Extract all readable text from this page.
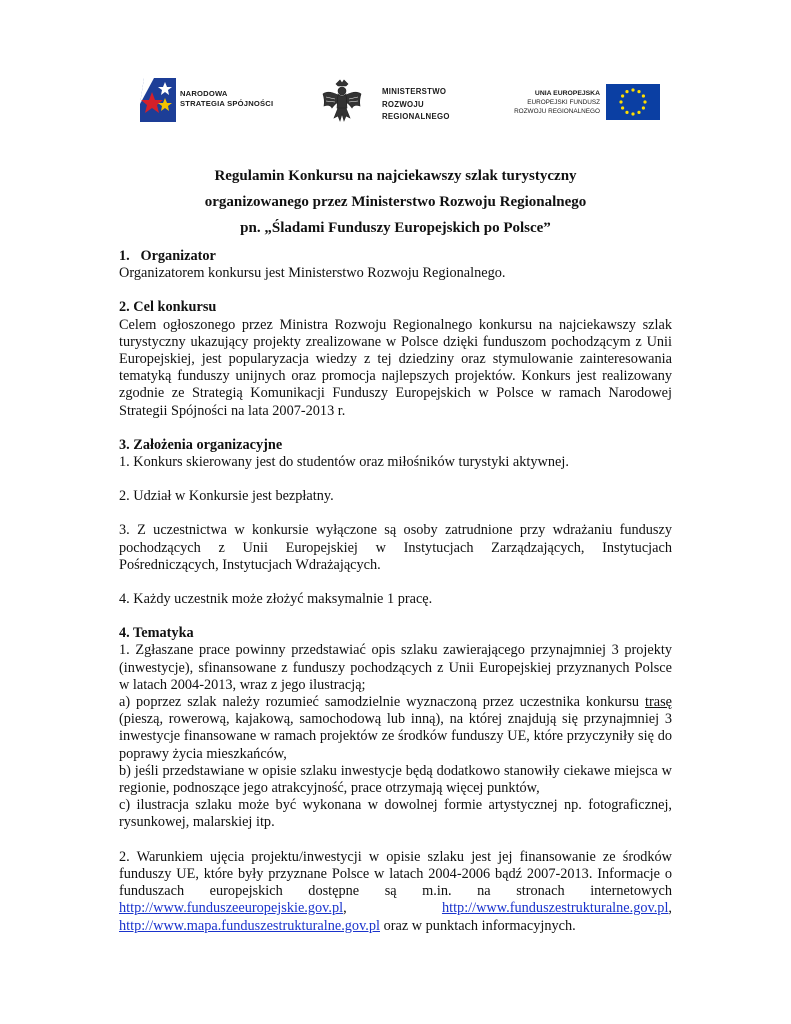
NARODOWA
STRATEGIA SPÓJNOŚCI
MINISTERSTWO
ROZWOJU
REGIONALNEGO
UNIA EUROPEJSKA
EUROPEJSKI FUNDUSZ
ROZWOJU REGIONALNEGO
Regulamin Konkursu na najciekawszy szlak turystyczny
organizowanego przez Ministerstwo Rozwoju Regionalnego
pn. „Śladami Funduszy Europejskich po Polsce”
1.   Organizator

Organizatorem konkursu jest Ministerstwo Rozwoju Regionalnego.

2. Cel konkursu

Celem ogłoszonego przez Ministra Rozwoju Regionalnego konkursu na najciekawszy szlak turystyczny ukazujący projekty zrealizowane w Polsce dzięki funduszom pochodzącym z Unii Europejskiej, jest popularyzacja wiedzy z tej dziedziny oraz stymulowanie zainteresowania tematyką funduszy unijnych oraz promocja najlepszych projektów. Konkurs jest realizowany zgodnie ze Strategią Komunikacji Funduszy Europejskich w Polsce w ramach Narodowej Strategii Spójności na lata 2007-2013 r.

3. Założenia organizacyjne

1. Konkurs skierowany jest do studentów oraz miłośników turystyki aktywnej.

2. Udział w Konkursie jest bezpłatny.

3. Z uczestnictwa w konkursie wyłączone są osoby zatrudnione przy wdrażaniu funduszy pochodzących z Unii Europejskiej w Instytucjach Zarządzających, Instytucjach Pośredniczących, Instytucjach Wdrażających.

4. Każdy uczestnik może złożyć maksymalnie 1 pracę.

4. Tematyka

1. Zgłaszane prace powinny przedstawiać opis szlaku zawierającego przynajmniej 3 projekty (inwestycje), sfinansowane z funduszy pochodzących z Unii Europejskiej przyznanych Polsce w latach 2004-2013, wraz z jego ilustracją;

a) poprzez szlak należy rozumieć samodzielnie wyznaczoną przez uczestnika konkursu trasę (pieszą, rowerową, kajakową, samochodową lub inną), na której znajdują się przynajmniej 3 inwestycje finansowane w ramach projektów ze środków funduszy UE, które przyczyniły się do poprawy życia mieszkańców,

b) jeśli przedstawiane w opisie szlaku inwestycje będą dodatkowo stanowiły ciekawe miejsca w regionie, podnoszące jego atrakcyjność, prace otrzymają więcej punktów,

c) ilustracja szlaku może być wykonana w dowolnej formie artystycznej np. fotograficznej, rysunkowej, malarskiej itp.

2. Warunkiem ujęcia projektu/inwestycji w opisie szlaku jest jej finansowanie ze środków funduszy UE, które były przyznane Polsce w latach 2004-2006 bądź 2007-2013. Informacje o funduszach europejskich dostępne są m.in. na stronach internetowych http://www.funduszeeuropejskie.gov.pl,  http://www.funduszestrukturalne.gov.pl, http://www.mapa.funduszestrukturalne.gov.pl oraz w punktach informacyjnych.
